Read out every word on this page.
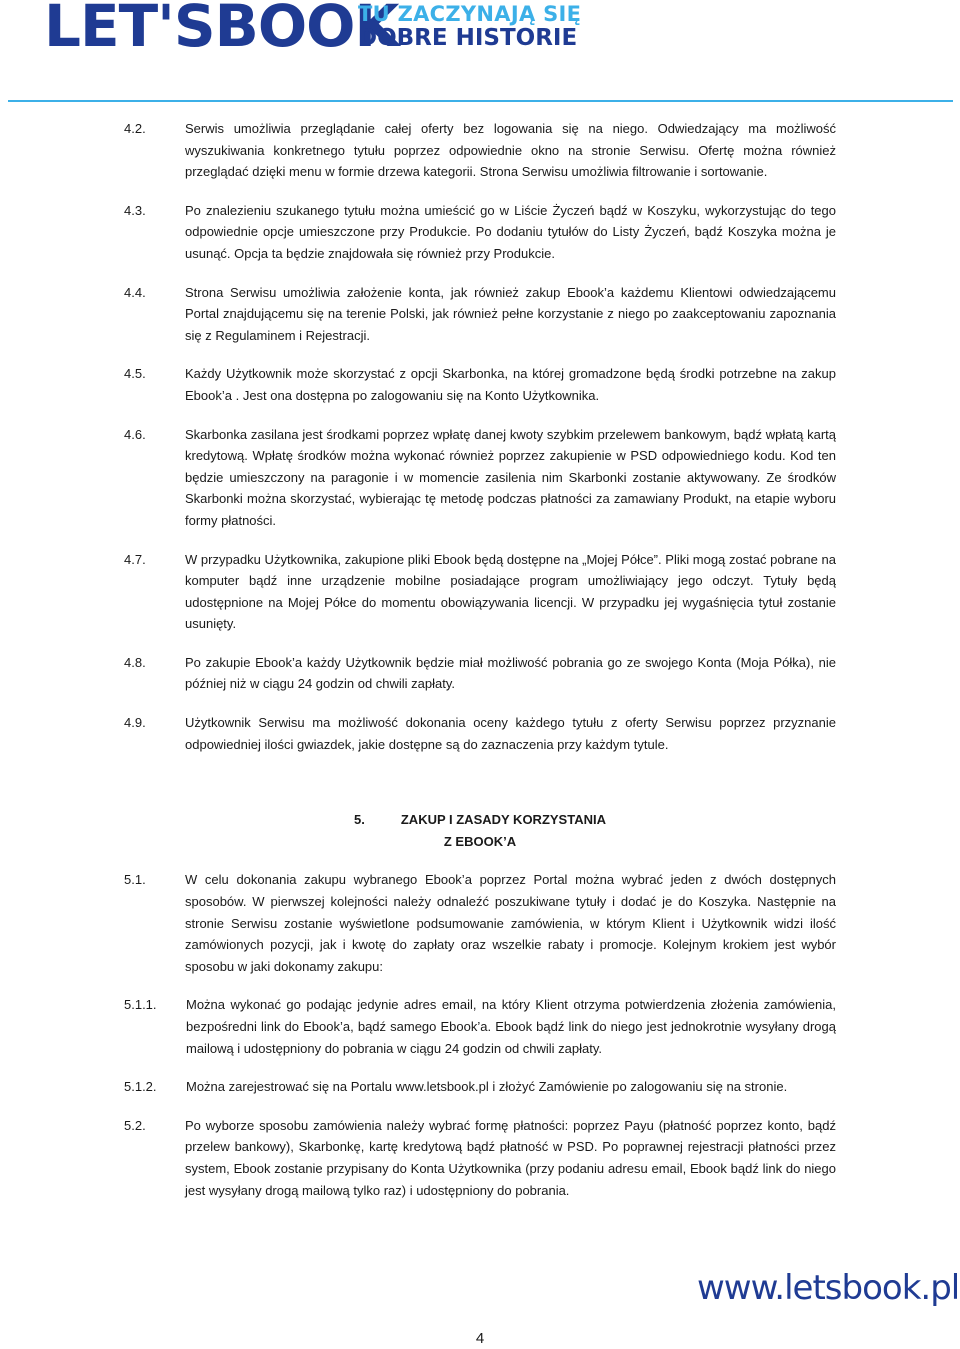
LET'SBOOK
TU ZACZYNAJĄ SIĘ
DOBRE HISTORIE
4.2.	Serwis umożliwia przeglądanie całej oferty bez logowania się na niego. Odwiedzający ma możliwość wyszukiwania konkretnego tytułu poprzez odpowiednie okno na stronie Serwisu. Ofertę można również przeglądać dzięki menu w formie drzewa kategorii. Strona Serwisu umożliwia filtrowanie i sortowanie.
4.3.	Po znalezieniu szukanego tytułu można umieścić go w Liście Życzeń bądź w Koszyku, wykorzystując do tego odpowiednie opcje umieszczone przy Produkcie. Po dodaniu tytułów do Listy Życzeń, bądź Koszyka można je usunąć. Opcja ta będzie znajdowała się również przy Produkcie.
4.4.	Strona Serwisu umożliwia założenie konta, jak również zakup Ebook’a każdemu Klientowi odwiedzającemu Portal znajdującemu się na terenie Polski, jak również pełne korzystanie z niego po zaakceptowaniu zapoznania się z Regulaminem i Rejestracji.
4.5.	Każdy Użytkownik może skorzystać z opcji Skarbonka, na której gromadzone będą środki potrzebne na zakup Ebook’a . Jest ona dostępna po zalogowaniu się na Konto Użytkownika.
4.6.	Skarbonka zasilana jest środkami poprzez wpłatę danej kwoty szybkim przelewem bankowym, bądź wpłatą kartą kredytową. Wpłatę środków można wykonać również poprzez zakupienie w PSD odpowiedniego kodu. Kod ten będzie umieszczony na paragonie i w momencie zasilenia nim Skarbonki zostanie aktywowany. Ze środków Skarbonki można skorzystać, wybierając tę metodę podczas płatności za zamawiany Produkt, na etapie wyboru formy płatności.
4.7.	W przypadku Użytkownika, zakupione pliki Ebook będą dostępne na „Mojej Półce”. Pliki mogą zostać pobrane na komputer bądź inne urządzenie mobilne posiadające program umożliwiający jego odczyt. Tytuły będą udostępnione na Mojej Półce do momentu obowiązywania licencji. W przypadku jej wygaśnięcia tytuł zostanie usunięty.
4.8.	Po zakupie Ebook’a każdy Użytkownik będzie miał możliwość pobrania go ze swojego Konta (Moja Półka), nie później niż w ciągu 24 godzin od chwili zapłaty.
4.9.	Użytkownik Serwisu ma możliwość dokonania oceny każdego tytułu z oferty Serwisu poprzez przyznanie odpowiedniej ilości gwiazdek, jakie dostępne są do zaznaczenia przy każdym tytule.
5.	ZAKUP I ZASADY KORZYSTANIA
Z EBOOK’A
5.1.	W celu dokonania zakupu wybranego Ebook’a poprzez Portal można wybrać jeden z dwóch dostępnych sposobów. W pierwszej kolejności należy odnaleźć poszukiwane tytuły i dodać je do Koszyka. Następnie na stronie Serwisu zostanie wyświetlone podsumowanie zamówienia, w którym Klient i Użytkownik widzi ilość zamówionych pozycji, jak i kwotę do zapłaty oraz wszelkie rabaty i promocje. Kolejnym krokiem jest wybór sposobu w jaki dokonamy zakupu:
5.1.1. Można wykonać go podając jedynie adres email, na który Klient otrzyma potwierdzenia złożenia zamówienia, bezpośredni link do Ebook’a, bądź samego Ebook’a. Ebook bądź link do niego jest jednokrotnie wysyłany drogą mailową i udostępniony do pobrania w ciągu 24 godzin od chwili zapłaty.
5.1.2. Można zarejestrować się na Portalu www.letsbook.pl i złożyć Zamówienie po zalogowaniu się na stronie.
5.2.	Po wyborze sposobu zamówienia należy wybrać formę płatności: poprzez Payu (płatność poprzez konto, bądź przelew bankowy), Skarbonkę, kartę kredytową bądź płatność w PSD. Po poprawnej rejestracji płatności przez system, Ebook zostanie przypisany do Konta Użytkownika (przy podaniu adresu email, Ebook bądź link do niego jest wysyłany drogą mailową tylko raz) i udostępniony do pobrania.
www.letsbook.pl
4
